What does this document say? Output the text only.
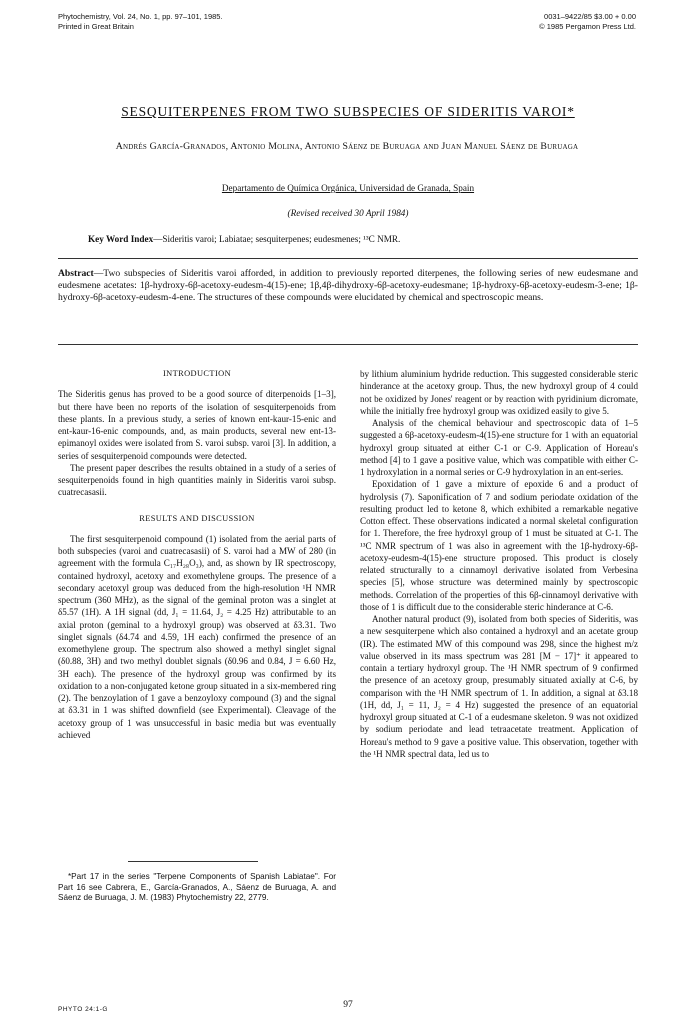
Phytochemistry, Vol. 24, No. 1, pp. 97–101, 1985.
Printed in Great Britain
0031–9422/85 $3.00 + 0.00
© 1985 Pergamon Press Ltd.
SESQUITERPENES FROM TWO SUBSPECIES OF SIDERITIS VAROI*
Andrés García-Granados, Antonio Molina, Antonio Sáenz de Buruaga and Juan Manuel Sáenz de Buruaga
Departamento de Química Orgánica, Universidad de Granada, Spain
(Revised received 30 April 1984)
Key Word Index—Sideritis varoi; Labiatae; sesquiterpenes; eudesmenes; ¹³C NMR.
Abstract—Two subspecies of Sideritis varoi afforded, in addition to previously reported diterpenes, the following series of new eudesmane and eudesmene acetates: 1β-hydroxy-6β-acetoxy-eudesm-4(15)-ene; 1β,4β-dihydroxy-6β-acetoxy-eudesmane; 1β-hydroxy-6β-acetoxy-eudesm-3-ene; 1β-hydroxy-6β-acetoxy-eudesm-4-ene. The structures of these compounds were elucidated by chemical and spectroscopic means.
INTRODUCTION

The Sideritis genus has proved to be a good source of diterpenoids [1–3], but there have been no reports of the isolation of sesquiterpenoids from these plants. In a previous study, a series of known ent-kaur-15-enic and ent-kaur-16-enic compounds, and, as main products, several new ent-13-epimanoyl oxides were isolated from S. varoi subsp. varoi [3]. In addition, a series of sesquiterpenoid compounds were detected.

The present paper describes the results obtained in a study of a series of sesquiterpenoids found in high quantities mainly in Sideritis varoi subsp. cuatrecasasii.

RESULTS AND DISCUSSION

The first sesquiterpenoid compound (1) isolated from the aerial parts of both subspecies (varoi and cuatrecasasii) of S. varoi had a MW of 280 (in agreement with the formula C₁₇H₂₈O₃), and, as shown by IR spectroscopy, contained hydroxyl, acetoxy and exomethylene groups. The presence of a secondary acetoxyl group was deduced from the high-resolution ¹H NMR spectrum (360 MHz), as the signal of the geminal proton was a singlet at δ5.57 (1H). A 1H signal (dd, J₁ = 11.64, J₂ = 4.25 Hz) attributable to an axial proton (geminal to a hydroxyl group) was observed at δ3.31. Two singlet signals (δ4.74 and 4.59, 1H each) confirmed the presence of an exomethylene group. The spectrum also showed a methyl singlet signal (δ0.88, 3H) and two methyl doublet signals (δ0.96 and 0.84, J = 6.60 Hz, 3H each). The presence of the hydroxyl group was confirmed by its oxidation to a non-conjugated ketone group situated in a six-membered ring (2). The benzoylation of 1 gave a benzoyloxy compound (3) and the signal at δ3.31 in 1 was shifted downfield (see Experimental). Cleavage of the acetoxy group of 1 was unsuccessful in basic media but was eventually achieved

by lithium aluminium hydride reduction. This suggested considerable steric hinderance at the acetoxy group. Thus, the new hydroxyl group of 4 could not be oxidized by Jones' reagent or by reaction with pyridinium dicromate, while the initially free hydroxyl group was oxidized easily to give 5.

Analysis of the chemical behaviour and spectroscopic data of 1–5 suggested a 6β-acetoxy-eudesm-4(15)-ene structure for 1 with an equatorial hydroxyl group situated at either C-1 or C-9. Application of Horeau's method [4] to 1 gave a positive value, which was compatible with either C-1 hydroxylation in a normal series or C-9 hydroxylation in an ent-series.

Epoxidation of 1 gave a mixture of epoxide 6 and a product of hydrolysis (7). Saponification of 7 and sodium periodate oxidation of the resulting product led to ketone 8, which exhibited a remarkable negative Cotton effect. These observations indicated a normal skeletal configuration for 1. Therefore, the free hydroxyl group of 1 must be situated at C-1. The ¹³C NMR spectrum of 1 was also in agreement with the 1β-hydroxy-6β-acetoxy-eudesm-4(15)-ene structure proposed. This product is closely related structurally to a cinnamoyl derivative isolated from Verbesina species [5], whose structure was determined mainly by spectroscopic methods. Correlation of the properties of this 6β-cinnamoyl derivative with those of 1 is difficult due to the considerable steric hinderance at C-6.

Another natural product (9), isolated from both species of Sideritis, was a new sesquiterpene which also contained a hydroxyl and an acetate group (IR). The estimated MW of this compound was 298, since the highest m/z value observed in its mass spectrum was 281 [M − 17]⁺ it appeared to contain a tertiary hydroxyl group. The ¹H NMR spectrum of 9 confirmed the presence of an acetoxy group, presumably situated axially at C-6, by comparison with the ¹H NMR spectrum of 1. In addition, a signal at δ3.18 (1H, dd, J₁ = 11, J₂ = 4 Hz) suggested the presence of an equatorial hydroxyl group situated at C-1 of a eudesmane skeleton. 9 was not oxidized by sodium periodate and lead tetraacetate treatment. Application of Horeau's method to 9 gave a positive value. This observation, together with the ¹H NMR spectral data, led us to

*Part 17 in the series "Terpene Components of Spanish Labiatae". For Part 16 see Cabrera, E., García-Granados, A., Sáenz de Buruaga, A. and Sáenz de Buruaga, J. M. (1983) Phytochemistry 22, 2779.

PHYTO 24:1-G	97
